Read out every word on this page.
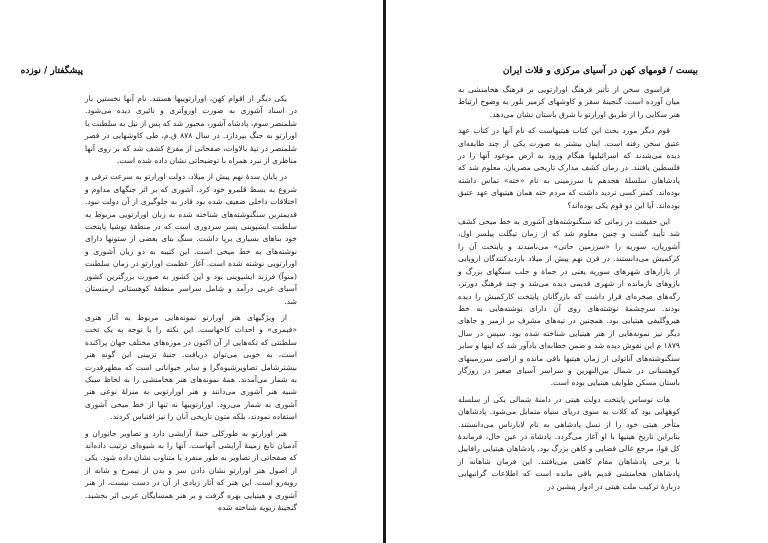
پیشگفتار / نوزده

یکی دیگر از اقوام کهن، اورارتوییها هستند. نام آنها نخستین بار در اسناد آشوری به صورت اوروآتری و نائیری دیده می‌شود. شلمنصر سوم، پادشاه آشور، مجبور شد که پس از نیل به سلطنت با اورارتو به جنگ بپردازد. در سال ۸۷۸ ق.م، طی کاوشهایی در قصر شلمنصر در تپهٔ بالاوات، صفحاتی از مفرغ کشف شد که بر روی آنها مناظری از نبرد همراه با توضیحاتی نشان داده شده است.

در پایان سدهٔ نهم پیش از میلاد، دولت اورارتو به سرعت ترقی و شروع به بسط قلمرو خود کرد. آشوری که بر اثر جنگهای مداوم و اختلافات داخلی ضعیف شده بود قادر به جلوگیری از آن دولت نبود. قدیمترین سنگنوشته‌های شناخته شده به زبان اورارتویی مربوط به سلطنت ایشپوینی پسر سردوری است که در منطقهٔ توشپا پایتخت خود بناهای بسیاری برپا داشت. سنگ بنای بعضی از ستونها دارای نوشته‌های به خط میخی است. این کتیبه به دو زبان آشوری و اورارتویی نوشته شده است. آغاز عظمت اورارتو در زمان سلطنت (منوآ) فرزند ایشپوینی بود و این کشور به صورت بزرگترین کشور آسیای غربی درآمد و شامل سراسر منطقهٔ کوهستانی ارمنستان شد.

از ویژگیهای هنر اورارتو نمونه‌هایی مربوط به آثار هنری «فیمری» و احداث کاخهاست. این نکته را با توجه به یک تخت سلطنتی که تکه‌هایی از آن اکنون در موزه‌های مختلف جهان پراکنده است، به خوبی می‌توان دریافت. جنبهٔ تزیینی این گونه هنر بیشترشامل تصاویرشیوه‌گرا و سایر حیواناتی است که مظهرقدرت به شمار می‌آمدند. همهٔ نمونه‌های هنر هخامنشی را به لحاظ سبک شبیه هنر آشوری می‌دانند و هنر اورارتویی به منزلهٔ نوعی هنر آشوری به شمار می‌رود. اورارتوییها نه تنها از خط میخی آشوری استفاده نمودند، بلکه متون تاریخی آنان را نیز اقتباس کردند.

هنر اورارتو به طورکلی جنبهٔ آرایشی دارد و تصاویر جانوران و آدمیان تابع زمینهٔ آرایشی آنهاست. آنها را به شیوه‌ای ترتیب داده‌اند که صفحاتی از تصاویر به طور منفرد یا متناوب نشان داده شود. یکی از اصول هنر اورارتو نشان دادن سر و بدن از نیمرخ و شانه از روبه‌رو است. این هنر که آثار زیادی از آن در دست نیست، از هنر آشوری و هیتیایی بهره گرفت و بر هنر همسایگان غربی اثر بخشید. گنجینهٔ زیویه شناخته شده

بیست / قومهای کهن در آسیای مرکزی و فلات ایران

فراسوی سخن از تأثیر فرهنگ اورارتویی بر فرهنگ هخامنشی به میان آورده است. گنجینهٔ سقز و کاوشهای کرمیر بلور به وضوح ارتباط هنر سکایی را از طریق اورارتو با شرق باستان نشان می‌دهد.

قوم دیگر مورد بحث این کتاب هیتیهاست که نام آنها در کتاب عهد عتیق سخن رفته است. اینان بیشتر به صورت یکی از چند طایفه‌ای دیده می‌شدند که اسرائیلیها هنگام ورود به ارض موعود آنها را در فلسطین یافتند. در زمان کشف مدارک تاریخی مصریان، معلوم شد که پادشاهان سلسلهٔ هجدهم با سرزمینی به نام «خته» تماس داشته بوده‌اند. کمتر کسی تردید داشت که مردم خته همان هیتیهای عهد عتیق بوده‌اند. آیا این دو قوم یکی بوده‌اند؟

این حقیقت در زمانی که سنگنوشته‌های آشوری به خط میخی کشف شد تأیید گشت و چنین معلوم شد که از زمان تیگلت پیلسر اول، آشوریان، سوریه را «سرزمین حاتی» می‌نامیدند و پایتخت آن را کرکمیش می‌دانستند. در قرن نهم پیش از میلاد بازدیدکنندگان اروپایی از بازارهای شهرهای سوریه یعنی در حماة و حلب سنگهای بزرگ و بازوهای بازمانده از شهری قدیمی دیده می‌شد و چند فرهنگ دورتر، رگه‌های صخره‌ای قرار داشت که بازرگانان پایتخت کارکمیش را دیده بودند. سرچشمهٔ نوشته‌های روی آن دارای نوشته‌هایی به خط هیروگلیفی هیتیایی بود. همچنین در تپه‌های مشرف بر ازمیر و جاهای دیگر نیز نمونه‌هایی از هنر هیتیایی شناخته شده بود. سپس در سال ۱۸۷۹ م این نقوش دیده شد و ضمن خطابه‌ای یادآور شد که اینها و سایر سنگنوشته‌های آناتولی از زمان هیتیها باقی مانده و اراضی سرزمینهای کوهستانی در شمال بین‌النهرین و سراسر آسیای صغیر در روزگار باستان مسکن طوایف هیتیایی بوده است.

هات توساس پایتخت دولت هیتی در دامنهٔ شمالی یکی از سلسله کوههایی بود که کلات به سوی دریای سیاه متمایل می‌شود. پادشاهان متأخر هیتی خود را از نسل پادشاهی به نام لابارناس می‌دانستند. بنابراین تاریخ هیتیها با او آغاز می‌گردد. پادشاه در عین حال، فرماندهٔ کل قوا، مرجع عالی قضایی و کاهن بزرگ بود. پادشاهان هیتیایی رافاییل با برخی پادشاهان مقام کاهنی می‌یافتند. این فرمان شاهانه از پادشاهان هخامنشی قدیم باقی مانده است که اطلاعات گرانبهایی دربارهٔ ترکیب ملت هیتی در ادوار پیشین در
